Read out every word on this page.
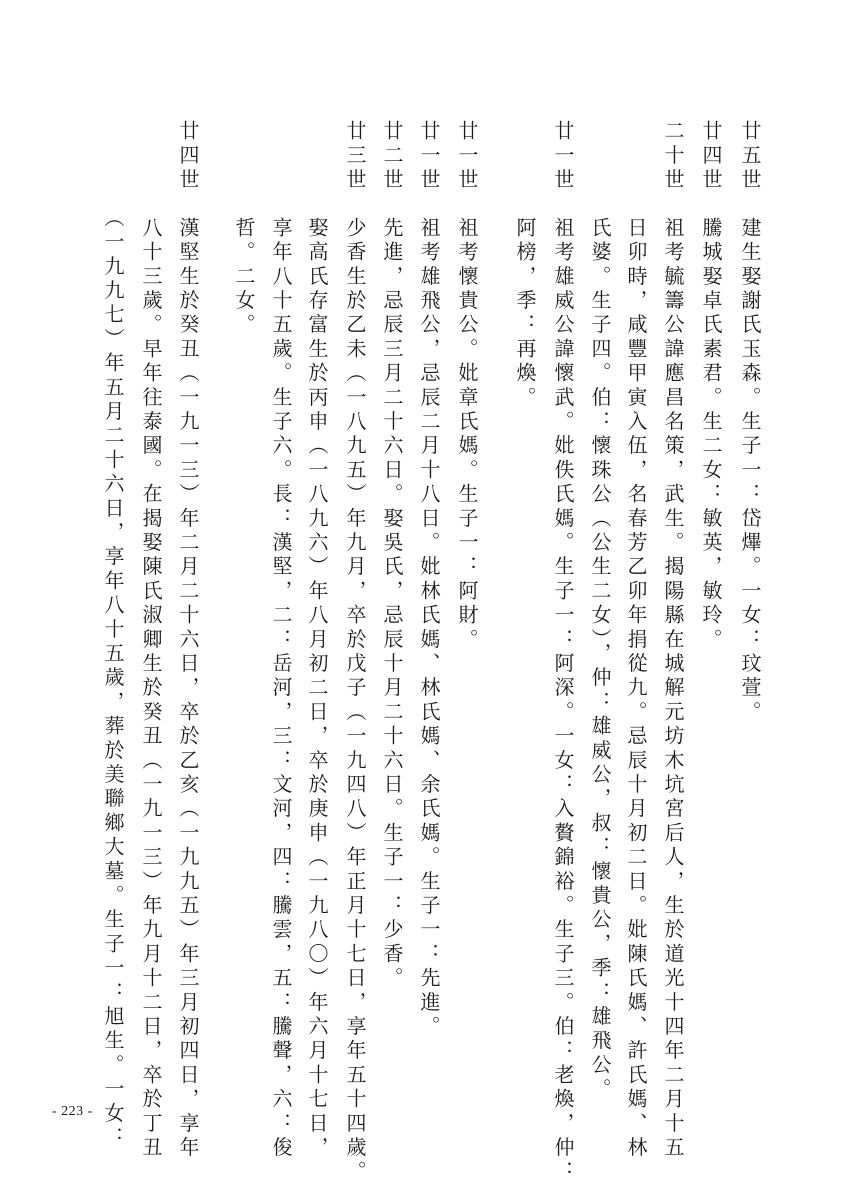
廿五世　建生娶謝氏玉森。生子一：岱熚。一女：玟萱。
廿四世　騰城娶卓氏素君。生二女：敏英，敏玲。
二十世　祖考毓籌公諱應昌名策，武生。揭陽縣在城解元坊木坑宮后人，生於道光十四年二月十五
　　　　日卯時，咸豐甲寅入伍，名春芳乙卯年捐從九。忌辰十月初二日。妣陳氏媽、許氏媽、林
　　　　氏婆。生子四。伯：懷珠公（公生二女），仲：雄威公，叔：懷貴公，季：雄飛公。
廿一世　祖考雄威公諱懷武。妣佚氏媽。生子一：阿深。一女：入贅錦裕。生子三。伯：老煥，仲：
　　　　阿榜，季：再煥。
廿一世　祖考懷貴公。妣章氏媽。生子一：阿財。
廿一世　祖考雄飛公，忌辰二月十八日。妣林氏媽、林氏媽、余氏媽。生子一：先進。
廿二世　先進，忌辰三月二十六日。娶吳氏，忌辰十月二十六日。生子一：少香。
廿三世　少香生於乙未（一八九五）年九月，卒於戊子（一九四八）年正月十七日，享年五十四歲。
　　　　娶高氏存富生於丙申（一八九六）年八月初二日，卒於庚申（一九八〇）年六月十七日，
　　　　享年八十五歲。生子六。長：漢堅，二：岳河，三：文河，四：騰雲，五：騰聲，六：俊
　　　　哲。二女。
廿四世　漢堅生於癸丑（一九一三）年二月二十六日，卒於乙亥（一九九五）年三月初四日，享年
　　　　八十三歲。早年往泰國。在揭娶陳氏淑卿生於癸丑（一九一三）年九月十二日，卒於丁丑
　　　　（一九九七）年五月二十六日，享年八十五歲，葬於美聯鄉大墓。生子一：旭生。一女：
- 223 -
